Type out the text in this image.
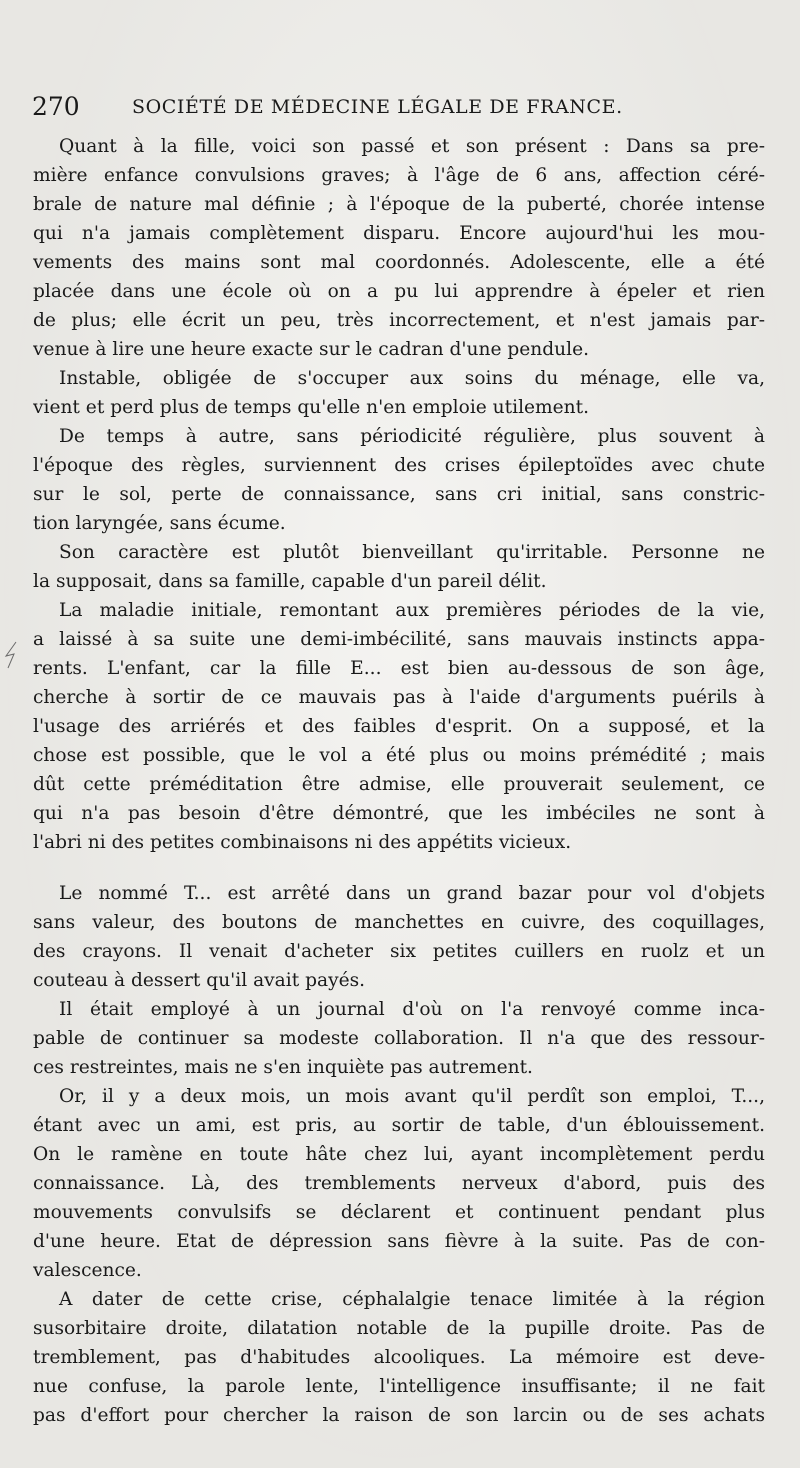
270	SOCIÉTÉ DE MÉDECINE LÉGALE DE FRANCE.
Quant à la fille, voici son passé et son présent : Dans sa pre-
mière enfance convulsions graves; à l'âge de 6 ans, affection céré-
brale de nature mal définie ; à l'époque de la puberté, chorée intense
qui n'a jamais complètement disparu. Encore aujourd'hui les mou-
vements des mains sont mal coordonnés. Adolescente, elle a été
placée dans une école où on a pu lui apprendre à épeler et rien
de plus; elle écrit un peu, très incorrectement, et n'est jamais par-
venue à lire une heure exacte sur le cadran d'une pendule.
Instable, obligée de s'occuper aux soins du ménage, elle va,
vient et perd plus de temps qu'elle n'en emploie utilement.
De temps à autre, sans périodicité régulière, plus souvent à
l'époque des règles, surviennent des crises épileptoïdes avec chute
sur le sol, perte de connaissance, sans cri initial, sans constric-
tion laryngée, sans écume.
Son caractère est plutôt bienveillant qu'irritable. Personne ne
la supposait, dans sa famille, capable d'un pareil délit.
La maladie initiale, remontant aux premières périodes de la vie,
a laissé à sa suite une demi-imbécilité, sans mauvais instincts appa-
rents. L'enfant, car la fille E... est bien au-dessous de son âge,
cherche à sortir de ce mauvais pas à l'aide d'arguments puérils à
l'usage des arriérés et des faibles d'esprit. On a supposé, et la
chose est possible, que le vol a été plus ou moins prémédité ; mais
dût cette préméditation être admise, elle prouverait seulement, ce
qui n'a pas besoin d'être démontré, que les imbéciles ne sont à
l'abri ni des petites combinaisons ni des appétits vicieux.
Le nommé T... est arrêté dans un grand bazar pour vol d'objets
sans valeur, des boutons de manchettes en cuivre, des coquillages,
des crayons. Il venait d'acheter six petites cuillers en ruolz et un
couteau à dessert qu'il avait payés.
Il était employé à un journal d'où on l'a renvoyé comme inca-
pable de continuer sa modeste collaboration. Il n'a que des ressour-
ces restreintes, mais ne s'en inquiète pas autrement.
Or, il y a deux mois, un mois avant qu'il perdît son emploi, T...,
étant avec un ami, est pris, au sortir de table, d'un éblouissement.
On le ramène en toute hâte chez lui, ayant incomplètement perdu
connaissance. Là, des tremblements nerveux d'abord, puis des
mouvements convulsifs se déclarent et continuent pendant plus
d'une heure. Etat de dépression sans fièvre à la suite. Pas de con-
valescence.
A dater de cette crise, céphalalgie tenace limitée à la région
susorbitaire droite, dilatation notable de la pupille droite. Pas de
tremblement, pas d'habitudes alcooliques. La mémoire est deve-
nue confuse, la parole lente, l'intelligence insuffisante; il ne fait
pas d'effort pour chercher la raison de son larcin ou de ses achats
